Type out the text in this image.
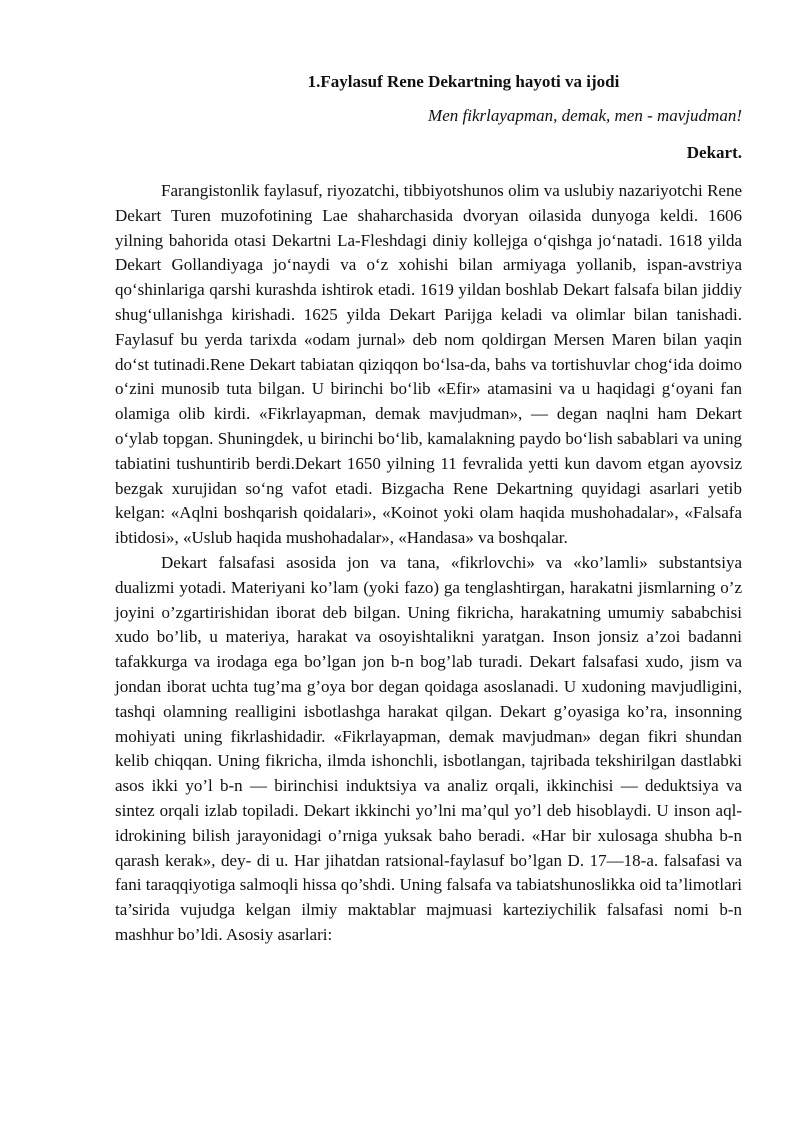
1.Faylasuf Rene Dekartning hayoti va ijodi

Men fikrlayapman, demak, men - mavjudman!

Dekart.

Farangistonlik faylasuf, riyozatchi, tibbiyotshunos olim va uslubiy nazariyotchi Rene Dekart Turen muzofotining Lae shaharchasida dvoryan oilasida dunyoga keldi. 1606 yilning bahorida otasi Dekartni La-Fleshdagi diniy kollejga o‘qishga jo‘natadi. 1618 yilda Dekart Gollandiyaga jo‘naydi va o‘z xohishi bilan armiyaga yollanib, ispan-avstriya qo‘shinlariga qarshi kurashda ishtirok etadi. 1619 yildan boshlab Dekart falsafa bilan jiddiy shug‘ullanishga kirishadi. 1625 yilda Dekart Parijga keladi va olimlar bilan tanishadi. Faylasuf bu yerda tarixda «odam jurnal» deb nom qoldirgan Mersen Maren bilan yaqin do‘st tutinadi.Rene Dekart tabiatan qiziqqon bo‘lsa-da, bahs va tortishuvlar chog‘ida doimo o‘zini munosib tuta bilgan. U birinchi bo‘lib «Efir» atamasini va u haqidagi g‘oyani fan olamiga olib kirdi. «Fikrlayapman, demak mavjudman», — degan naqlni ham Dekart o‘ylab topgan. Shuningdek, u birinchi bo‘lib, kamalakning paydo bo‘lish sabablari va uning tabiatini tushuntirib berdi.Dekart 1650 yilning 11 fevralida yetti kun davom etgan ayovsiz bezgak xurujidan so‘ng vafot etadi. Bizgacha Rene Dekartning quyidagi asarlari yetib kelgan: «Aqlni boshqarish qoidalari», «Koinot yoki olam haqida mushohadalar», «Falsafa ibtidosi», «Uslub haqida mushohadalar», «Handasa» va boshqalar.

Dekart falsafasi asosida jon va tana, «fikrlovchi» va «ko’lamli» substantsiya dualizmi yotadi. Materiyani ko’lam (yoki fazo) ga tenglashtirgan, harakatni jismlarning o’z joyini o’zgartirishidan iborat deb bilgan. Uning fikricha, harakatning umumiy sababchisi xudo bo’lib, u materiya, harakat va osoyishtalikni yaratgan. Inson jonsiz a’zoi badanni tafakkurga va irodaga ega bo’lgan jon b-n bog’lab turadi. Dekart falsafasi xudo, jism va jondan iborat uchta tug’ma g’oya bor degan qoidaga asoslanadi. U xudoning mavjudligini, tashqi olamning realligini isbotlashga harakat qilgan. Dekart g’oyasiga ko’ra, insonning mohiyati uning fikrlashidadir. «Fikrlayapman, demak mavjudman» degan fikri shundan kelib chiqqan. Uning fikricha, ilmda ishonchli, isbotlangan, tajribada tekshirilgan dastlabki asos ikki yo’l b-n — birinchisi induktsiya va analiz orqali, ikkinchisi — deduktsiya va sintez orqali izlab topiladi. Dekart ikkinchi yo’lni ma’qul yo’l deb hisoblaydi. U inson aql-idrokining bilish jarayonidagi o’rniga yuksak baho beradi. «Har bir xulosaga shubha b-n qarash kerak», dey- di u. Har jihatdan ratsional-faylasuf bo’lgan D. 17—18-a. falsafasi va fani taraqqiyotiga salmoqli hissa qo’shdi. Uning falsafa va tabiatshunoslikka oid ta’limotlari ta’sirida vujudga kelgan ilmiy maktablar majmuasi karteziychilik falsafasi nomi b-n mashhur bo’ldi. Asosiy asarlari:
